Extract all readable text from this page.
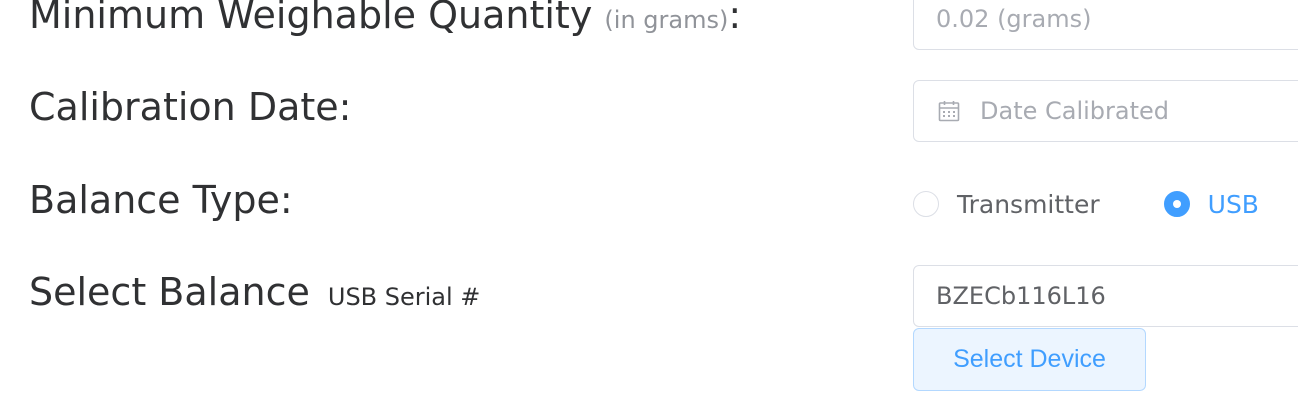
Minimum Weighable Quantity (in grams):	0.02 (grams)
Calibration Date:	Date Calibrated
Balance Type:	Transmitter	USB
Select Balance USB Serial #	BZECb116L16
Select Device
